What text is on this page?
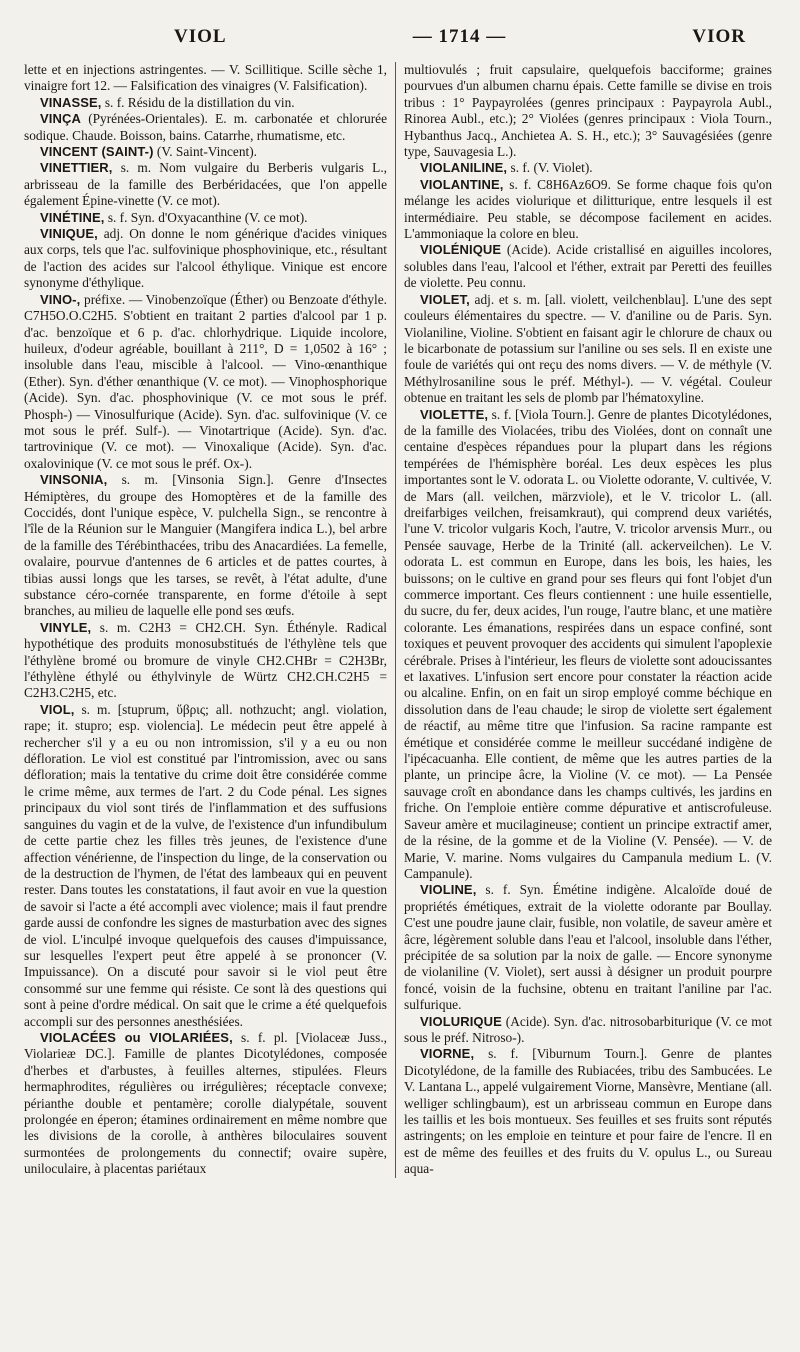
VIOL	— 1714 —	VIOR

lette et en injections astringentes. — V. Scillitique. Scille sèche 1, vinaigre fort 12. — Falsification des vinaigres (V. Falsification).

VINASSE, s. f. Résidu de la distillation du vin.

VINÇA (Pyrénées-Orientales). E. m. carbonatée et chlorurée sodique. Chaude. Boisson, bains. Catarrhe, rhumatisme, etc.

VINCENT (SAINT-) (V. Saint-Vincent).

VINETTIER, s. m. Nom vulgaire du Berberis vulgaris L., arbrisseau de la famille des Berbéridacées, que l'on appelle également Épine-vinette (V. ce mot).

VINÉTINE, s. f. Syn. d'Oxyacanthine (V. ce mot).

VINIQUE, adj. On donne le nom générique d'acides viniques aux corps, tels que l'ac. sulfovinique phosphovinique, etc., résultant de l'action des acides sur l'alcool éthylique. Vinique est encore synonyme d'éthylique.

VINO-, préfixe. — Vinobenzoïque (Éther) ou Benzoate d'éthyle. C7H5O.O.C2H5. S'obtient en traitant 2 parties d'alcool par 1 p. d'ac. benzoïque et 6 p. d'ac. chlorhydrique. Liquide incolore, huileux, d'odeur agréable, bouillant à 211°, D = 1,0502 à 16° ; insoluble dans l'eau, miscible à l'alcool. — Vino-œnanthique (Ether). Syn. d'éther œnanthique (V. ce mot). — Vinophosphorique (Acide). Syn. d'ac. phosphovinique (V. ce mot sous le préf. Phosph-) — Vinosulfurique (Acide). Syn. d'ac. sulfovinique (V. ce mot sous le préf. Sulf-). — Vinotartrique (Acide). Syn. d'ac. tartrovinique (V. ce mot). — Vinoxalique (Acide). Syn. d'ac. oxalovinique (V. ce mot sous le préf. Ox-).

VINSONIA, s. m. [Vinsonia Sign.]. Genre d'Insectes Hémiptères, du groupe des Homoptères et de la famille des Coccidés, dont l'unique espèce, V. pulchella Sign., se rencontre à l'île de la Réunion sur le Manguier (Mangifera indica L.), bel arbre de la famille des Térébinthacées, tribu des Anacardiées. La femelle, ovalaire, pourvue d'antennes de 6 articles et de pattes courtes, à tibias aussi longs que les tarses, se revêt, à l'état adulte, d'une substance céro-cornée transparente, en forme d'étoile à sept branches, au milieu de laquelle elle pond ses œufs.

VINYLE, s. m. C2H3 = CH2.CH. Syn. Éthényle. Radical hypothétique des produits monosubstitués de l'éthylène tels que l'éthylène bromé ou bromure de vinyle CH2.CHBr = C2H3Br, l'éthylène éthylé ou éthylvinyle de Würtz CH2.CH.C2H5 = C2H3.C2H5, etc.

VIOL, s. m. [stuprum, ὕβρις; all. nothzucht; angl. violation, rape; it. stupro; esp. violencia]. Le médecin peut être appelé à rechercher s'il y a eu ou non intromission, s'il y a eu ou non défloration. Le viol est constitué par l'intromission, avec ou sans défloration; mais la tentative du crime doit être considérée comme le crime même, aux termes de l'art. 2 du Code pénal. Les signes principaux du viol sont tirés de l'inflammation et des suffusions sanguines du vagin et de la vulve, de l'existence d'un infundibulum de cette partie chez les filles très jeunes, de l'existence d'une affection vénérienne, de l'inspection du linge, de la conservation ou de la destruction de l'hymen, de l'état des lambeaux qui en peuvent rester. Dans toutes les constatations, il faut avoir en vue la question de savoir si l'acte a été accompli avec violence; mais il faut prendre garde aussi de confondre les signes de masturbation avec des signes de viol. L'inculpé invoque quelquefois des causes d'impuissance, sur lesquelles l'expert peut être appelé à se prononcer (V. Impuissance). On a discuté pour savoir si le viol peut être consommé sur une femme qui résiste. Ce sont là des questions qui sont à peine d'ordre médical. On sait que le crime a été quelquefois accompli sur des personnes anesthésiées.

VIOLACÉES ou VIOLARIÉES, s. f. pl. [Violaceæ Juss., Violarieæ DC.]. Famille de plantes Dicotylédones, composée d'herbes et d'arbustes, à feuilles alternes, stipulées. Fleurs hermaphrodites, régulières ou irrégulières; réceptacle convexe; périanthe double et pentamère; corolle dialypétale, souvent prolongée en éperon; étamines ordinairement en même nombre que les divisions de la corolle, à anthères biloculaires souvent surmontées de prolongements du connectif; ovaire supère, uniloculaire, à placentas pariétaux

multiovulés ; fruit capsulaire, quelquefois bacciforme; graines pourvues d'un albumen charnu épais. Cette famille se divise en trois tribus : 1° Paypayrolées (genres principaux : Paypayrola Aubl., Rinorea Aubl., etc.); 2° Violées (genres principaux : Viola Tourn., Hybanthus Jacq., Anchietea A. S. H., etc.); 3° Sauvagésiées (genre type, Sauvagesia L.).

VIOLANILINE, s. f. (V. Violet).

VIOLANTINE, s. f. C8H6Az6O9. Se forme chaque fois qu'on mélange les acides violurique et dilitturique, entre lesquels il est intermédiaire. Peu stable, se décompose facilement en acides. L'ammoniaque la colore en bleu.

VIOLÉNIQUE (Acide). Acide cristallisé en aiguilles incolores, solubles dans l'eau, l'alcool et l'éther, extrait par Peretti des feuilles de violette. Peu connu.

VIOLET, adj. et s. m. [all. violett, veilchenblau]. L'une des sept couleurs élémentaires du spectre. — V. d'aniline ou de Paris. Syn. Violaniline, Violine. S'obtient en faisant agir le chlorure de chaux ou le bicarbonate de potassium sur l'aniline ou ses sels. Il en existe une foule de variétés qui ont reçu des noms divers. — V. de méthyle (V. Méthylrosaniline sous le préf. Méthyl-). — V. végétal. Couleur obtenue en traitant les sels de plomb par l'hématoxyline.

VIOLETTE, s. f. [Viola Tourn.]. Genre de plantes Dicotylédones, de la famille des Violacées, tribu des Violées, dont on connaît une centaine d'espèces répandues pour la plupart dans les régions tempérées de l'hémisphère boréal. Les deux espèces les plus importantes sont le V. odorata L. ou Violette odorante, V. cultivée, V. de Mars (all. veilchen, märzviole), et le V. tricolor L. (all. dreifarbiges veilchen, freisamkraut), qui comprend deux variétés, l'une V. tricolor vulgaris Koch, l'autre, V. tricolor arvensis Murr., ou Pensée sauvage, Herbe de la Trinité (all. ackerveilchen). Le V. odorata L. est commun en Europe, dans les bois, les haies, les buissons; on le cultive en grand pour ses fleurs qui font l'objet d'un commerce important. Ces fleurs contiennent : une huile essentielle, du sucre, du fer, deux acides, l'un rouge, l'autre blanc, et une matière colorante. Les émanations, respirées dans un espace confiné, sont toxiques et peuvent provoquer des accidents qui simulent l'apoplexie cérébrale. Prises à l'intérieur, les fleurs de violette sont adoucissantes et laxatives. L'infusion sert encore pour constater la réaction acide ou alcaline. Enfin, on en fait un sirop employé comme béchique en dissolution dans de l'eau chaude; le sirop de violette sert également de réactif, au même titre que l'infusion. Sa racine rampante est émétique et considérée comme le meilleur succédané indigène de l'ipécacuanha. Elle contient, de même que les autres parties de la plante, un principe âcre, la Violine (V. ce mot). — La Pensée sauvage croît en abondance dans les champs cultivés, les jardins en friche. On l'emploie entière comme dépurative et antiscrofuleuse. Saveur amère et mucilagineuse; contient un principe extractif amer, de la résine, de la gomme et de la Violine (V. Pensée). — V. de Marie, V. marine. Noms vulgaires du Campanula medium L. (V. Campanule).

VIOLINE, s. f. Syn. Émétine indigène. Alcaloïde doué de propriétés émétiques, extrait de la violette odorante par Boullay. C'est une poudre jaune clair, fusible, non volatile, de saveur amère et âcre, légèrement soluble dans l'eau et l'alcool, insoluble dans l'éther, précipitée de sa solution par la noix de galle. — Encore synonyme de violaniline (V. Violet), sert aussi à désigner un produit pourpre foncé, voisin de la fuchsine, obtenu en traitant l'aniline par l'ac. sulfurique.

VIOLURIQUE (Acide). Syn. d'ac. nitrosobarbiturique (V. ce mot sous le préf. Nitroso-).

VIORNE, s. f. [Viburnum Tourn.]. Genre de plantes Dicotylédone, de la famille des Rubiacées, tribu des Sambucées. Le V. Lantana L., appelé vulgairement Viorne, Mansèvre, Mentiane (all. welliger schlingbaum), est un arbrisseau commun en Europe dans les taillis et les bois montueux. Ses feuilles et ses fruits sont réputés astringents; on les emploie en teinture et pour faire de l'encre. Il en est de même des feuilles et des fruits du V. opulus L., ou Sureau aqua-
